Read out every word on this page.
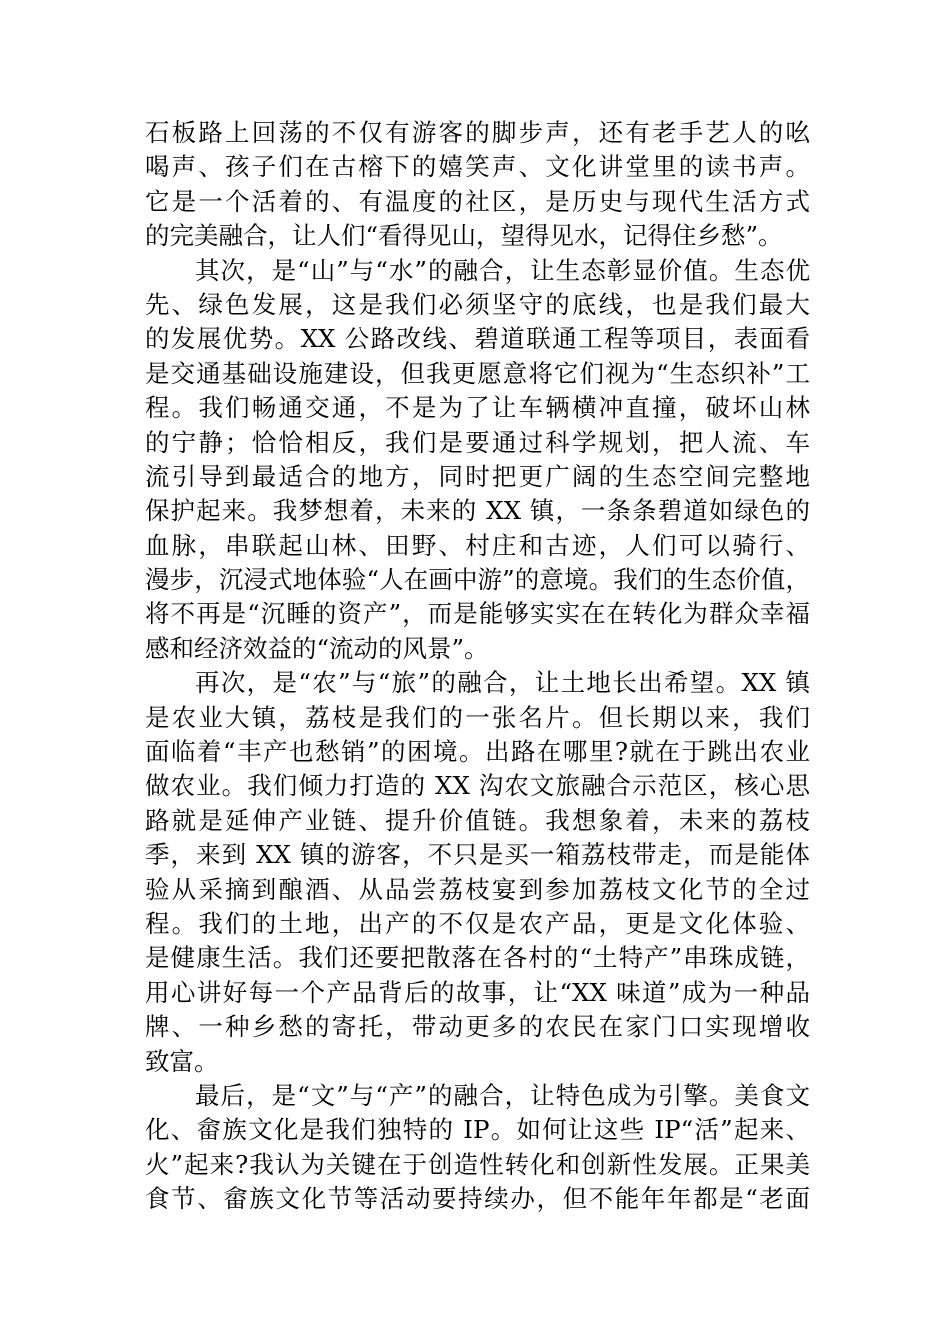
石板路上回荡的不仅有游客的脚步声，还有老手艺人的吆
喝声、孩子们在古榕下的嬉笑声、文化讲堂里的读书声。
它是一个活着的、有温度的社区，是历史与现代生活方式
的完美融合，让人们“看得见山，望得见水，记得住乡愁”。
其次，是“山”与“水”的融合，让生态彰显价值。生态优
先、绿色发展，这是我们必须坚守的底线，也是我们最大
的发展优势。XX 公路改线、碧道联通工程等项目，表面看
是交通基础设施建设，但我更愿意将它们视为“生态织补”工
程。我们畅通交通，不是为了让车辆横冲直撞，破坏山林
的宁静；恰恰相反，我们是要通过科学规划，把人流、车
流引导到最适合的地方，同时把更广阔的生态空间完整地
保护起来。我梦想着，未来的 XX 镇，一条条碧道如绿色的
血脉，串联起山林、田野、村庄和古迹，人们可以骑行、
漫步，沉浸式地体验“人在画中游”的意境。我们的生态价值，
将不再是“沉睡的资产”，而是能够实实在在转化为群众幸福
感和经济效益的“流动的风景”。
再次，是“农”与“旅”的融合，让土地长出希望。XX 镇
是农业大镇，荔枝是我们的一张名片。但长期以来，我们
面临着“丰产也愁销”的困境。出路在哪里?就在于跳出农业
做农业。我们倾力打造的 XX 沟农文旅融合示范区，核心思
路就是延伸产业链、提升价值链。我想象着，未来的荔枝
季，来到 XX 镇的游客，不只是买一箱荔枝带走，而是能体
验从采摘到酿酒、从品尝荔枝宴到参加荔枝文化节的全过
程。我们的土地，出产的不仅是农产品，更是文化体验、
是健康生活。我们还要把散落在各村的“土特产”串珠成链，
用心讲好每一个产品背后的故事，让“XX 味道”成为一种品
牌、一种乡愁的寄托，带动更多的农民在家门口实现增收
致富。
最后，是“文”与“产”的融合，让特色成为引擎。美食文
化、畲族文化是我们独特的 IP。如何让这些 IP“活”起来、
火”起来?我认为关键在于创造性转化和创新性发展。正果美
食节、畲族文化节等活动要持续办，但不能年年都是“老面
